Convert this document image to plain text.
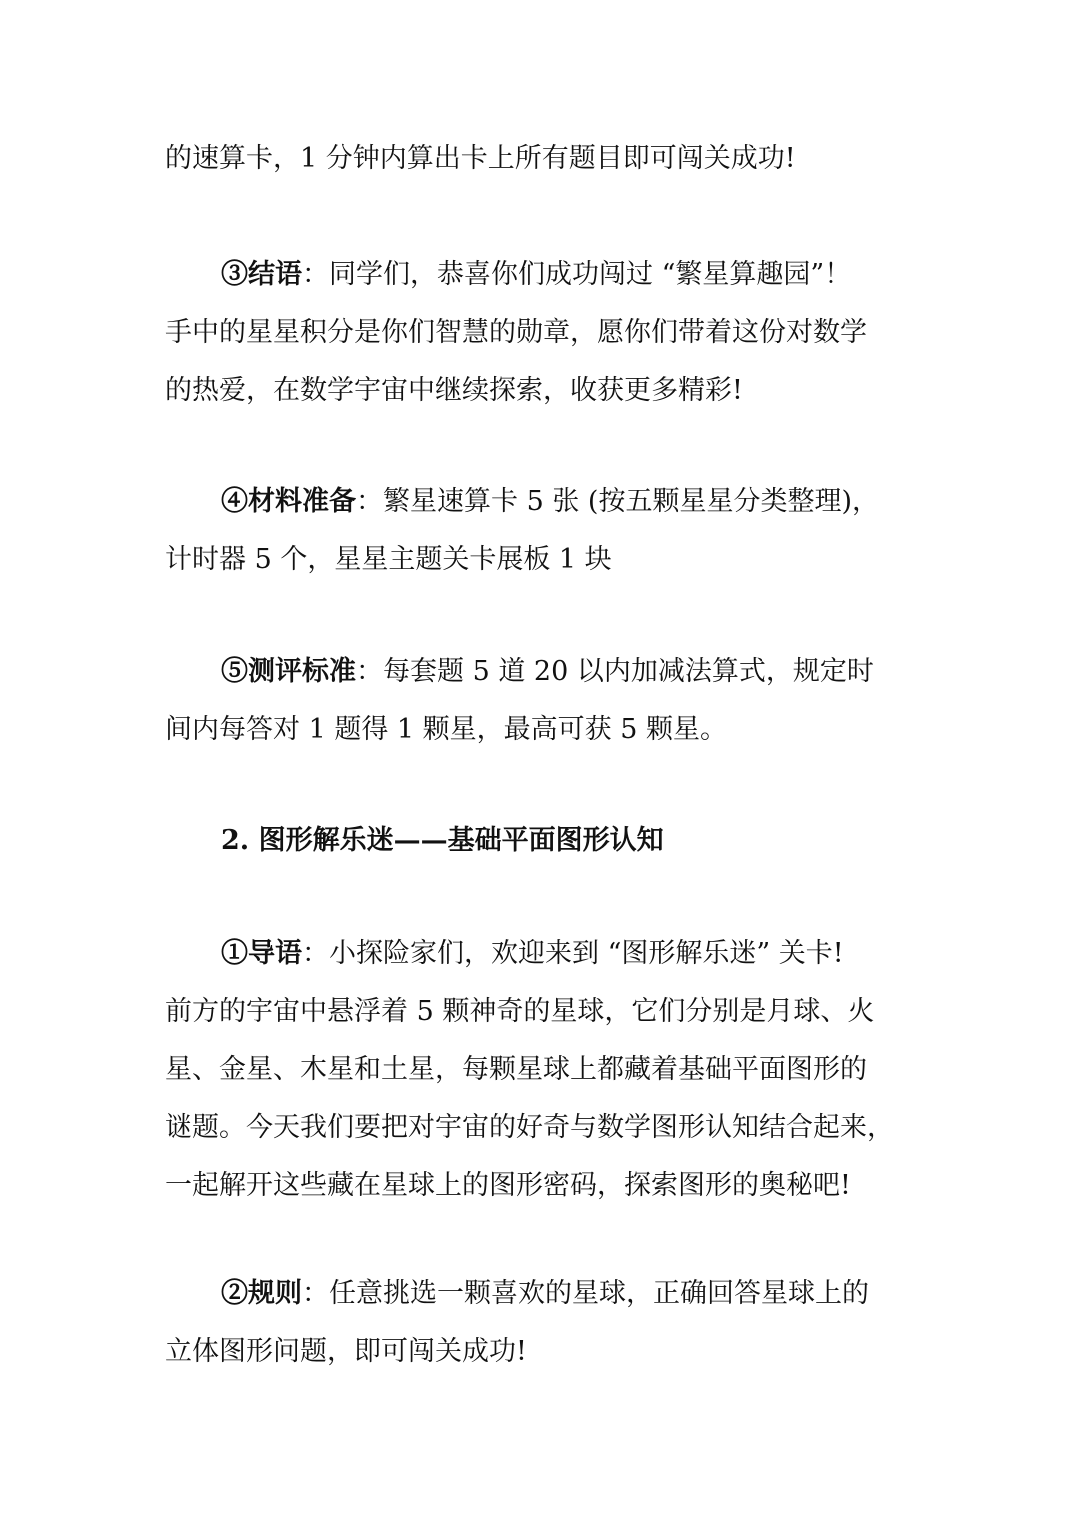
的速算卡，1 分钟内算出卡上所有题目即可闯关成功!
③结语：同学们，恭喜你们成功闯过 “繁星算趣园”！
手中的星星积分是你们智慧的勋章，愿你们带着这份对数学
的热爱，在数学宇宙中继续探索，收获更多精彩!
④材料准备：繁星速算卡 5 张 (按五颗星星分类整理)，
计时器 5 个，星星主题关卡展板 1 块
⑤测评标准：每套题 5 道 20 以内加减法算式，规定时
间内每答对 1 题得 1 颗星，最高可获 5 颗星。
2. 图形解乐迷——基础平面图形认知
①导语：小探险家们，欢迎来到 “图形解乐迷” 关卡!
前方的宇宙中悬浮着 5 颗神奇的星球，它们分别是月球、火
星、金星、木星和土星，每颗星球上都藏着基础平面图形的
谜题。今天我们要把对宇宙的好奇与数学图形认知结合起来，
一起解开这些藏在星球上的图形密码，探索图形的奥秘吧!
②规则：任意挑选一颗喜欢的星球，正确回答星球上的
立体图形问题，即可闯关成功!
